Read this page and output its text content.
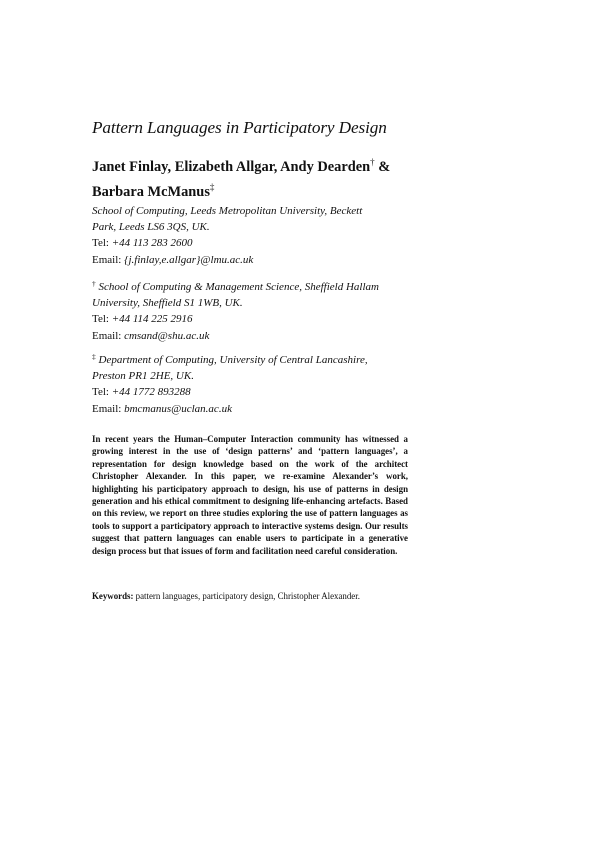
Pattern Languages in Participatory Design
Janet Finlay, Elizabeth Allgar, Andy Dearden† &
Barbara McManus‡
School of Computing, Leeds Metropolitan University, Beckett
Park, Leeds LS6 3QS, UK.
Tel: +44 113 283 2600
Email: {j.finlay,e.allgar}@lmu.ac.uk
† School of Computing & Management Science, Sheffield Hallam
University, Sheffield S1 1WB, UK.
Tel: +44 114 225 2916
Email: cmsand@shu.ac.uk
‡ Department of Computing, University of Central Lancashire,
Preston PR1 2HE, UK.
Tel: +44 1772 893288
Email: bmcmanus@uclan.ac.uk
In recent years the Human–Computer Interaction community has witnessed a growing interest in the use of ‘design patterns’ and ‘pattern languages’, a representation for design knowledge based on the work of the architect Christopher Alexander. In this paper, we re-examine Alexander’s work, highlighting his participatory approach to design, his use of patterns in design generation and his ethical commitment to designing life-enhancing artefacts. Based on this review, we report on three studies exploring the use of pattern languages as tools to support a participatory approach to interactive systems design. Our results suggest that pattern languages can enable users to participate in a generative design process but that issues of form and facilitation need careful consideration.
Keywords: pattern languages, participatory design, Christopher Alexander.
